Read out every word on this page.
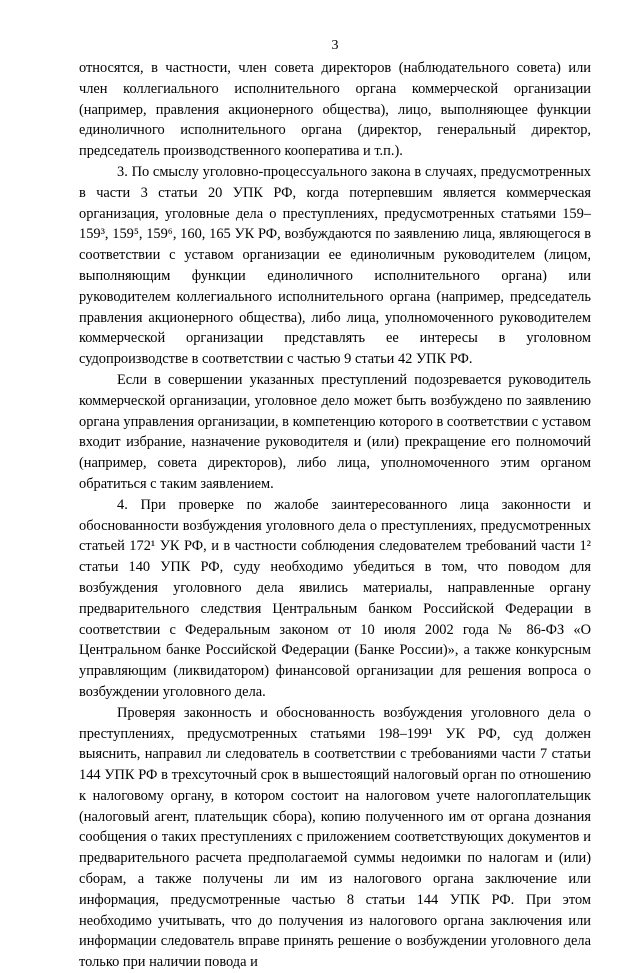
3

относятся, в частности, член совета директоров (наблюдательного совета) или член коллегиального исполнительного органа коммерческой организации (например, правления акционерного общества), лицо, выполняющее функции единоличного исполнительного органа (директор, генеральный директор, председатель производственного кооператива и т.п.).

3. По смыслу уголовно-процессуального закона в случаях, предусмотренных в части 3 статьи 20 УПК РФ, когда потерпевшим является коммерческая организация, уголовные дела о преступлениях, предусмотренных статьями 159–159³, 159⁵, 159⁶, 160, 165 УК РФ, возбуждаются по заявлению лица, являющегося в соответствии с уставом организации ее единоличным руководителем (лицом, выполняющим функции единоличного исполнительного органа) или руководителем коллегиального исполнительного органа (например, председатель правления акционерного общества), либо лица, уполномоченного руководителем коммерческой организации представлять ее интересы в уголовном судопроизводстве в соответствии с частью 9 статьи 42 УПК РФ.

Если в совершении указанных преступлений подозревается руководитель коммерческой организации, уголовное дело может быть возбуждено по заявлению органа управления организации, в компетенцию которого в соответствии с уставом входит избрание, назначение руководителя и (или) прекращение его полномочий (например, совета директоров), либо лица, уполномоченного этим органом обратиться с таким заявлением.

4. При проверке по жалобе заинтересованного лица законности и обоснованности возбуждения уголовного дела о преступлениях, предусмотренных статьей 172¹ УК РФ, и в частности соблюдения следователем требований части 1² статьи 140 УПК РФ, суду необходимо убедиться в том, что поводом для возбуждения уголовного дела явились материалы, направленные органу предварительного следствия Центральным банком Российской Федерации в соответствии с Федеральным законом от 10 июля 2002 года № 86-ФЗ «О Центральном банке Российской Федерации (Банке России)», а также конкурсным управляющим (ликвидатором) финансовой организации для решения вопроса о возбуждении уголовного дела.

Проверяя законность и обоснованность возбуждения уголовного дела о преступлениях, предусмотренных статьями 198–199¹ УК РФ, суд должен выяснить, направил ли следователь в соответствии с требованиями части 7 статьи 144 УПК РФ в трехсуточный срок в вышестоящий налоговый орган по отношению к налоговому органу, в котором состоит на налоговом учете налогоплательщик (налоговый агент, плательщик сбора), копию полученного им от органа дознания сообщения о таких преступлениях с приложением соответствующих документов и предварительного расчета предполагаемой суммы недоимки по налогам и (или) сборам, а также получены ли им из налогового органа заключение или информация, предусмотренные частью 8 статьи 144 УПК РФ. При этом необходимо учитывать, что до получения из налогового органа заключения или информации следователь вправе принять решение о возбуждении уголовного дела только при наличии повода и
